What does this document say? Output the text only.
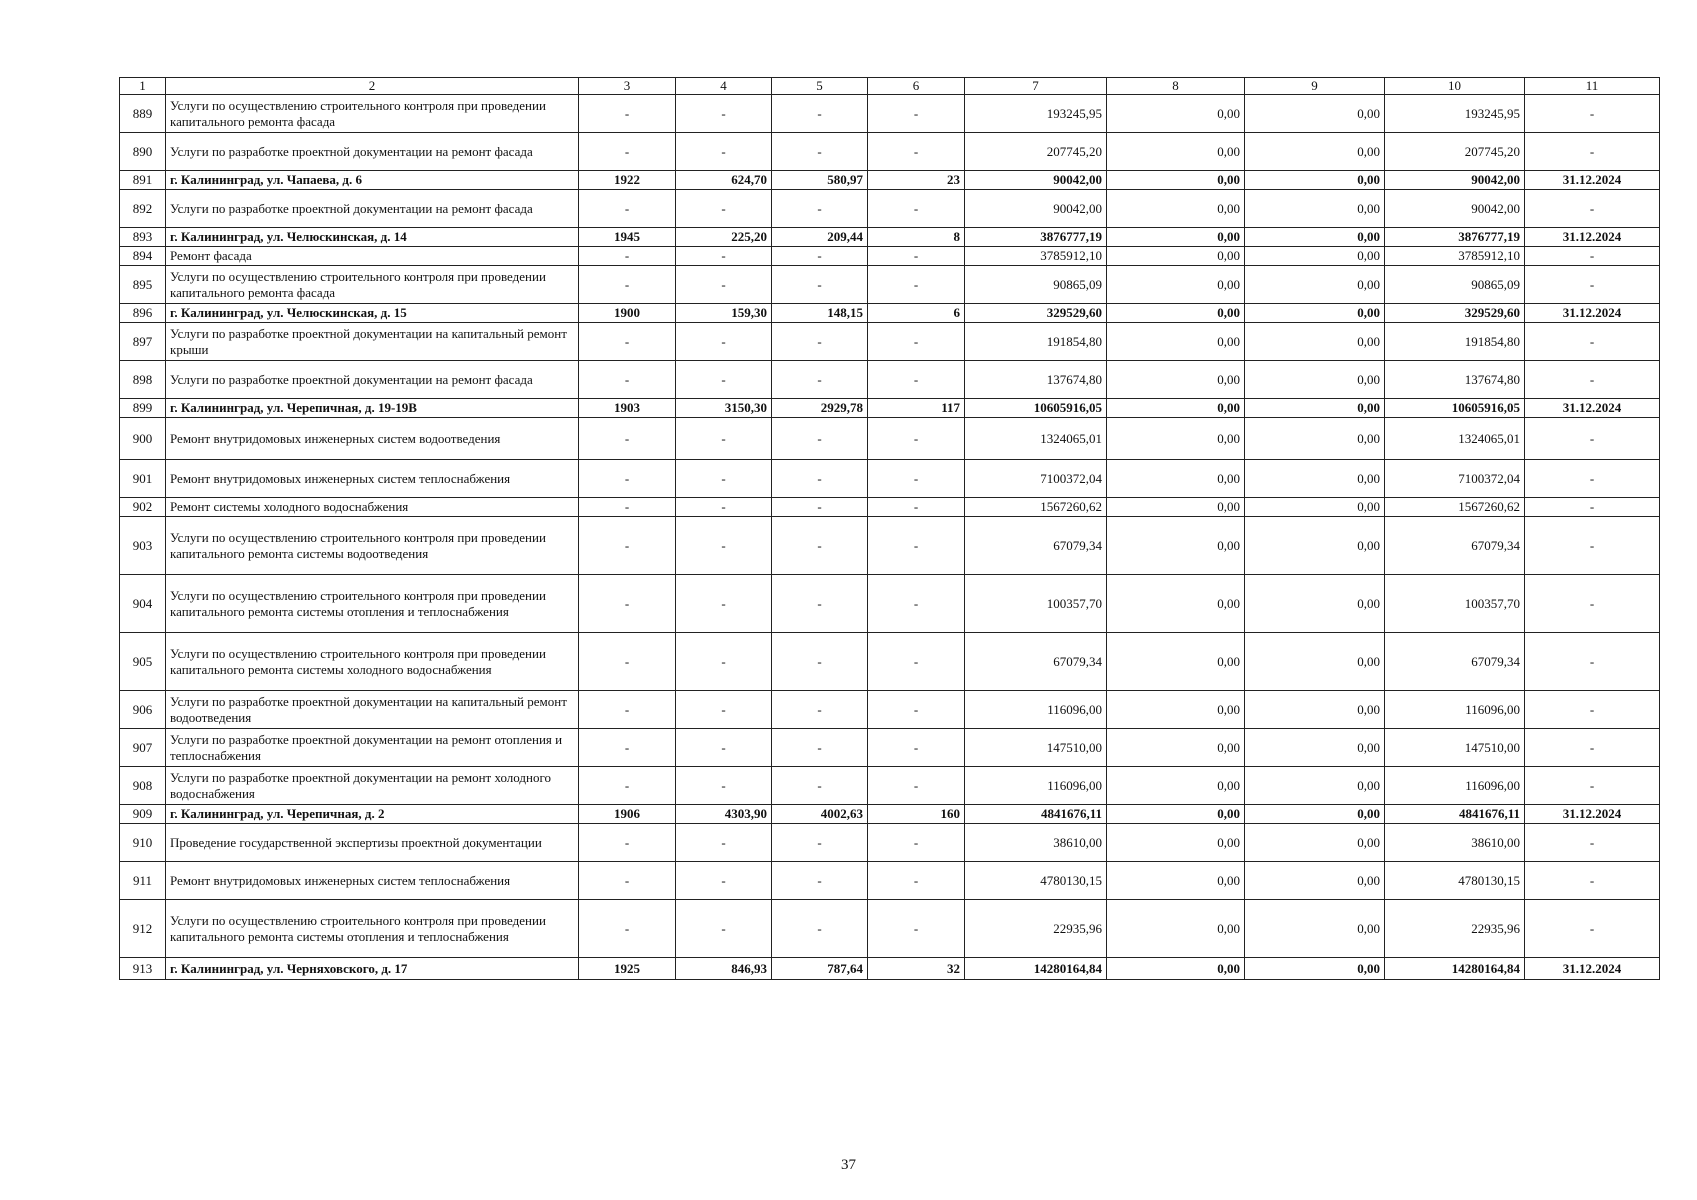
1	2	3	4	5	6	7	8	9	10	11
889	Услуги по осуществлению строительного контроля при проведении капитального ремонта фасада	-	-	-	-	193245,95	0,00	0,00	193245,95	-
890	Услуги по разработке проектной документации на ремонт фасада	-	-	-	-	207745,20	0,00	0,00	207745,20	-
891	г. Калининград, ул. Чапаева, д. 6	1922	624,70	580,97	23	90042,00	0,00	0,00	90042,00	31.12.2024
892	Услуги по разработке проектной документации на ремонт фасада	-	-	-	-	90042,00	0,00	0,00	90042,00	-
893	г. Калининград, ул. Челюскинская, д. 14	1945	225,20	209,44	8	3876777,19	0,00	0,00	3876777,19	31.12.2024
894	Ремонт фасада	-	-	-	-	3785912,10	0,00	0,00	3785912,10	-
895	Услуги по осуществлению строительного контроля при проведении капитального ремонта фасада	-	-	-	-	90865,09	0,00	0,00	90865,09	-
896	г. Калининград, ул. Челюскинская, д. 15	1900	159,30	148,15	6	329529,60	0,00	0,00	329529,60	31.12.2024
897	Услуги по разработке проектной документации на капитальный ремонт крыши	-	-	-	-	191854,80	0,00	0,00	191854,80	-
898	Услуги по разработке проектной документации на ремонт фасада	-	-	-	-	137674,80	0,00	0,00	137674,80	-
899	г. Калининград, ул. Черепичная, д. 19-19В	1903	3150,30	2929,78	117	10605916,05	0,00	0,00	10605916,05	31.12.2024
900	Ремонт внутридомовых инженерных систем водоотведения	-	-	-	-	1324065,01	0,00	0,00	1324065,01	-
901	Ремонт внутридомовых инженерных систем теплоснабжения	-	-	-	-	7100372,04	0,00	0,00	7100372,04	-
902	Ремонт системы холодного водоснабжения	-	-	-	-	1567260,62	0,00	0,00	1567260,62	-
903	Услуги по осуществлению строительного контроля при проведении капитального ремонта системы водоотведения	-	-	-	-	67079,34	0,00	0,00	67079,34	-
904	Услуги по осуществлению строительного контроля при проведении капитального ремонта системы отопления и теплоснабжения	-	-	-	-	100357,70	0,00	0,00	100357,70	-
905	Услуги по осуществлению строительного контроля при проведении капитального ремонта системы холодного водоснабжения	-	-	-	-	67079,34	0,00	0,00	67079,34	-
906	Услуги по разработке проектной документации на капитальный ремонт водоотведения	-	-	-	-	116096,00	0,00	0,00	116096,00	-
907	Услуги по разработке проектной документации на ремонт отопления и теплоснабжения	-	-	-	-	147510,00	0,00	0,00	147510,00	-
908	Услуги по разработке проектной документации на ремонт холодного водоснабжения	-	-	-	-	116096,00	0,00	0,00	116096,00	-
909	г. Калининград, ул. Черепичная, д. 2	1906	4303,90	4002,63	160	4841676,11	0,00	0,00	4841676,11	31.12.2024
910	Проведение государственной экспертизы проектной документации	-	-	-	-	38610,00	0,00	0,00	38610,00	-
911	Ремонт внутридомовых инженерных систем теплоснабжения	-	-	-	-	4780130,15	0,00	0,00	4780130,15	-
912	Услуги по осуществлению строительного контроля при проведении капитального ремонта системы отопления и теплоснабжения	-	-	-	-	22935,96	0,00	0,00	22935,96	-
913	г. Калининград, ул. Черняховского, д. 17	1925	846,93	787,64	32	14280164,84	0,00	0,00	14280164,84	31.12.2024
37
